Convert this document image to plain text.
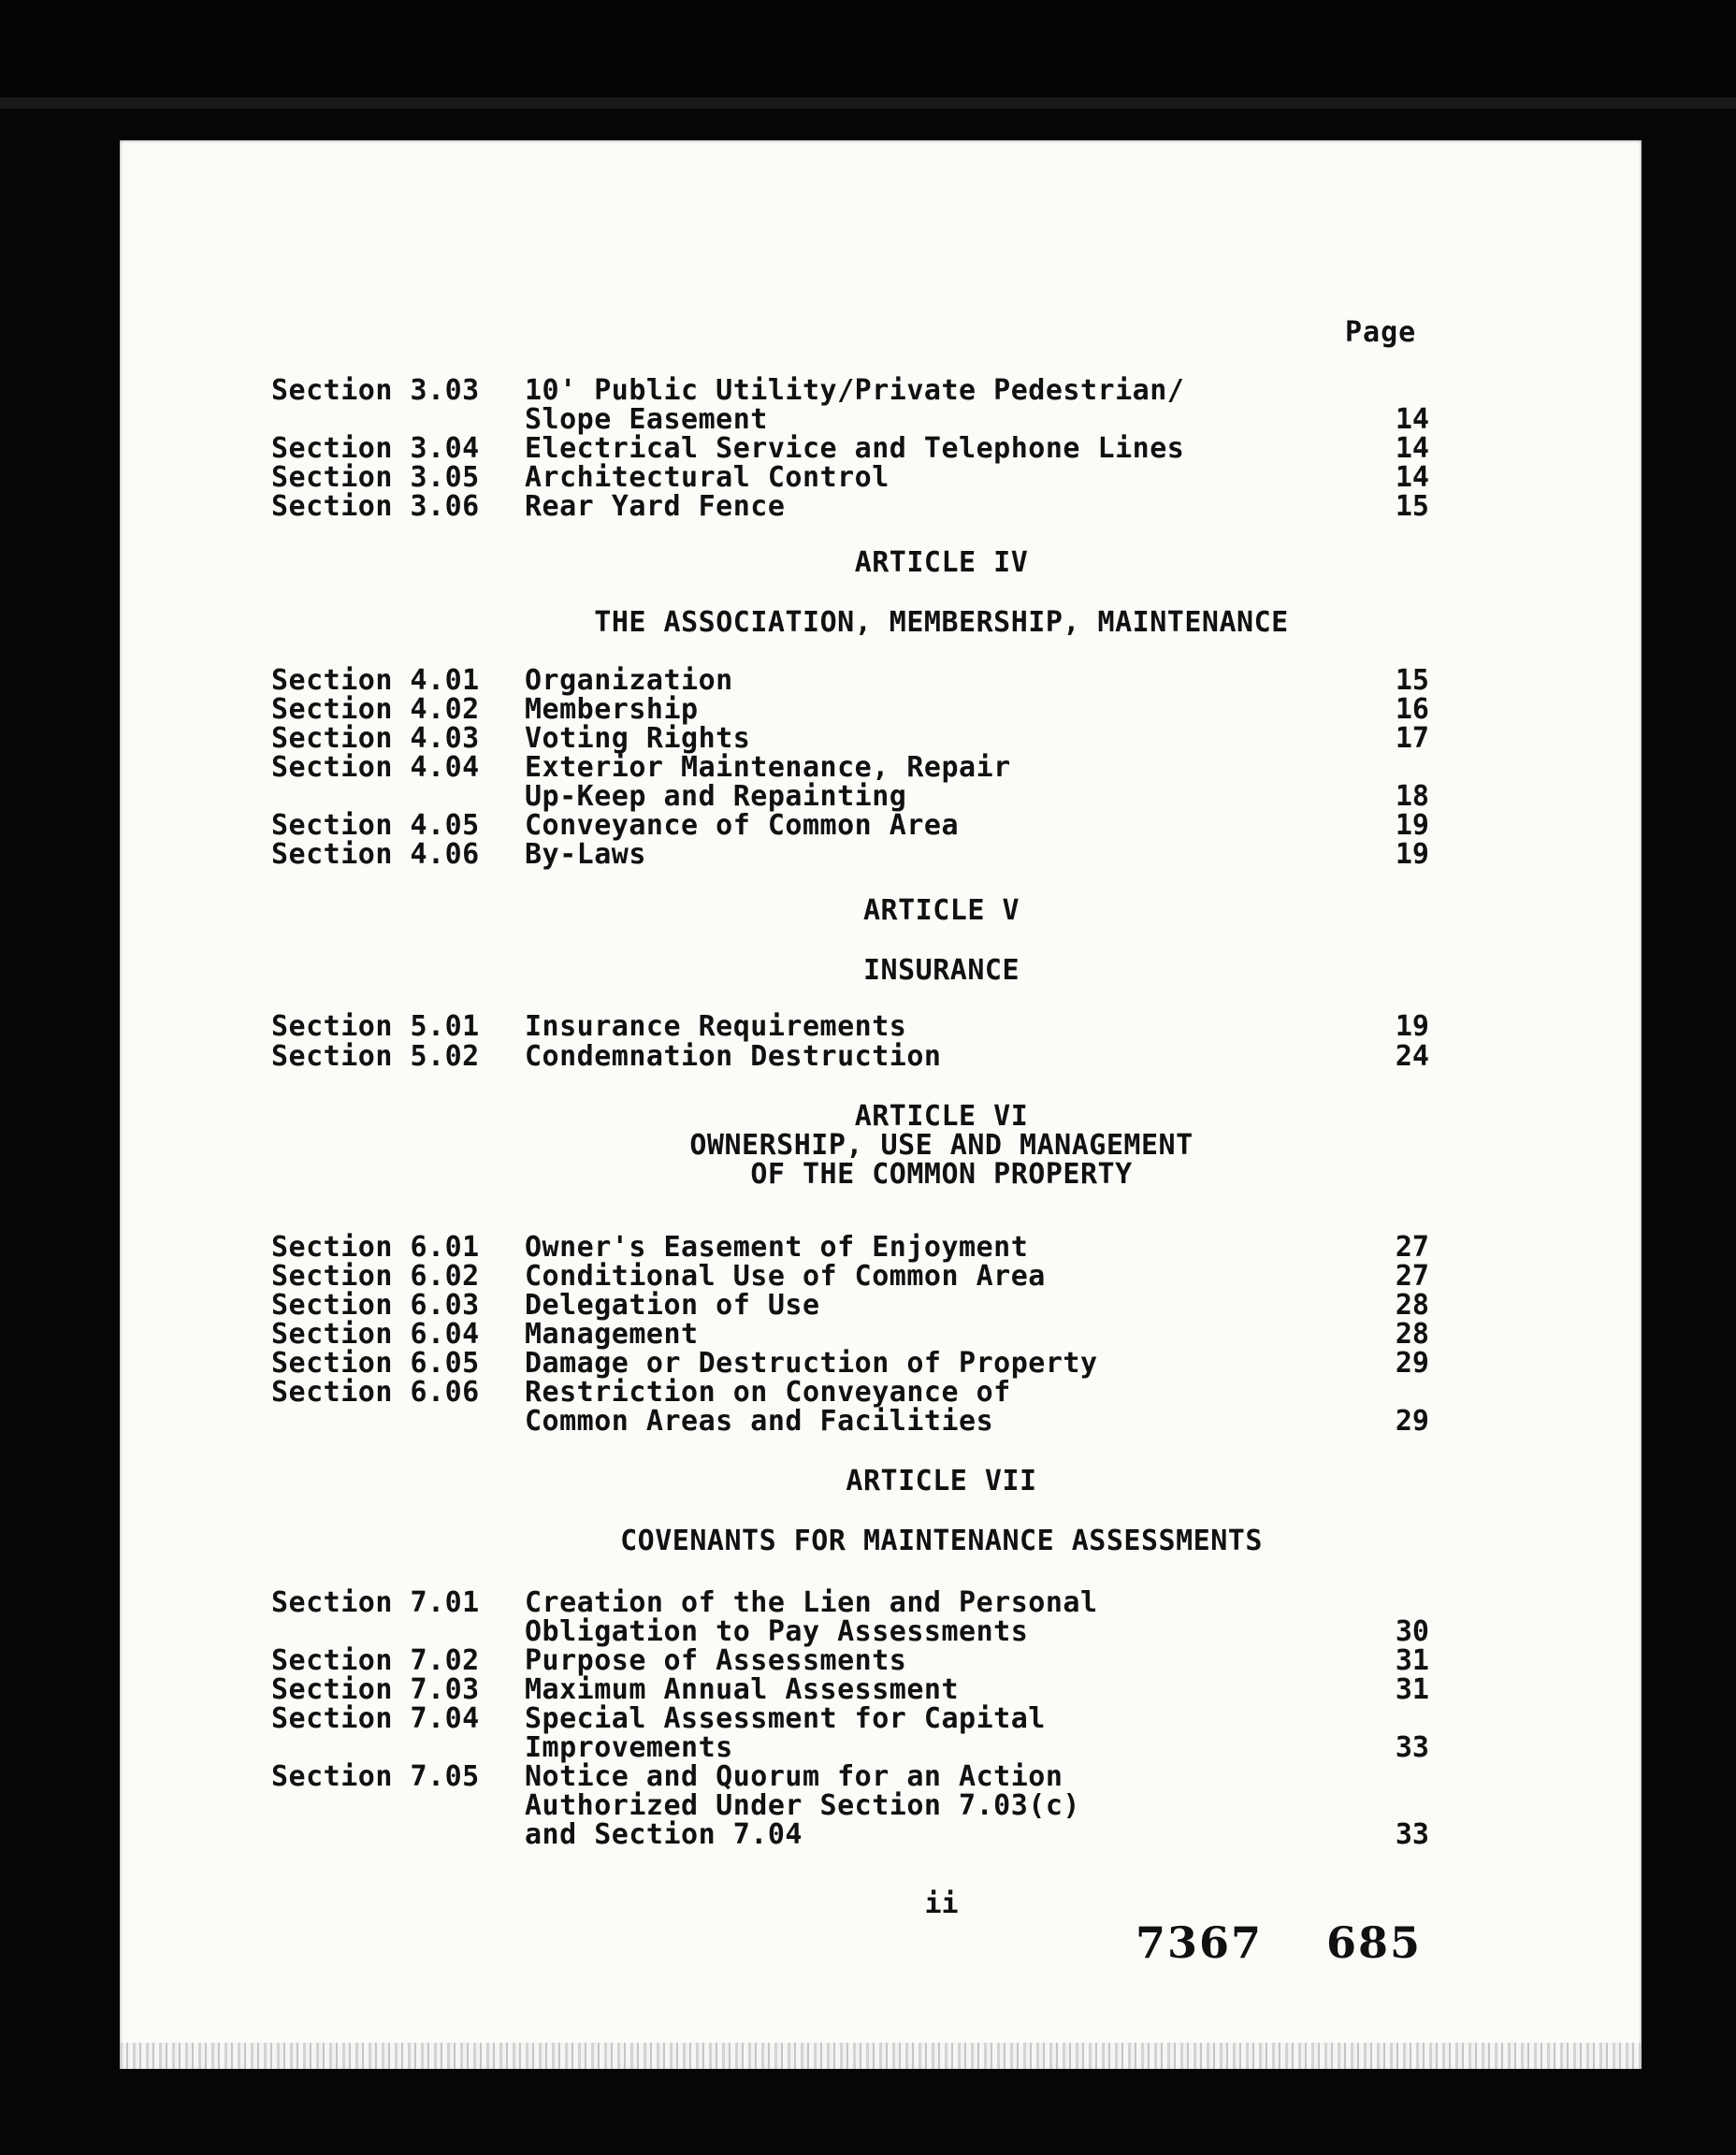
Page
Section 3.03 10' Public Utility/Private Pedestrian/
Slope Easement	14
Section 3.04 Electrical Service and Telephone Lines	14
Section 3.05 Architectural Control	14
Section 3.06 Rear Yard Fence	15
ARTICLE IV
THE ASSOCIATION, MEMBERSHIP, MAINTENANCE
Section 4.01 Organization	15
Section 4.02 Membership	16
Section 4.03 Voting Rights	17
Section 4.04 Exterior Maintenance, Repair
Up-Keep and Repainting	18
Section 4.05 Conveyance of Common Area	19
Section 4.06 By-Laws	19
ARTICLE V
INSURANCE
Section 5.01 Insurance Requirements	19
Section 5.02 Condemnation Destruction	24
ARTICLE VI
OWNERSHIP, USE AND MANAGEMENT
OF THE COMMON PROPERTY
Section 6.01 Owner's Easement of Enjoyment	27
Section 6.02 Conditional Use of Common Area	27
Section 6.03 Delegation of Use	28
Section 6.04 Management	28
Section 6.05 Damage or Destruction of Property	29
Section 6.06 Restriction on Conveyance of
Common Areas and Facilities	29
ARTICLE VII
COVENANTS FOR MAINTENANCE ASSESSMENTS
Section 7.01 Creation of the Lien and Personal
Obligation to Pay Assessments	30
Section 7.02 Purpose of Assessments	31
Section 7.03 Maximum Annual Assessment	31
Section 7.04 Special Assessment for Capital
Improvements	33
Section 7.05 Notice and Quorum for an Action
Authorized Under Section 7.03(c)
and Section 7.04	33
ii
7367 685
